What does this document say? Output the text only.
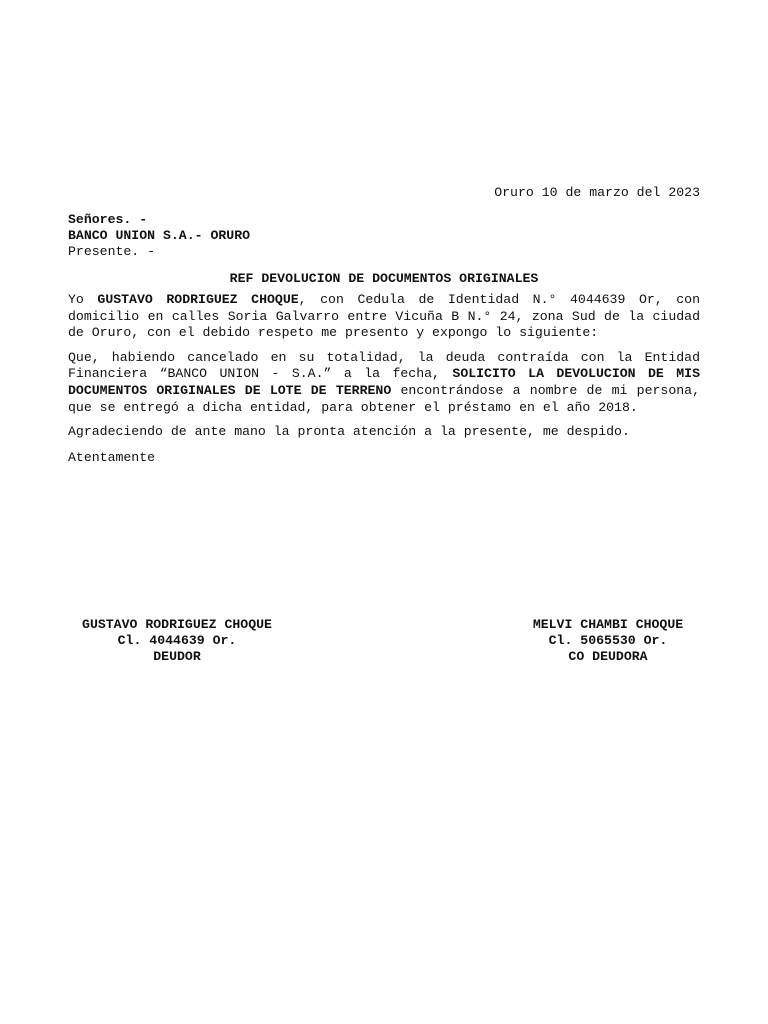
Oruro 10 de marzo del 2023
Señores. -
BANCO UNION S.A.- ORURO
Presente. -
REF DEVOLUCION DE DOCUMENTOS ORIGINALES

Yo GUSTAVO RODRIGUEZ CHOQUE, con Cedula de Identidad N.° 4044639 Or, con domicilio en calles Soria Galvarro entre Vicuña B N.° 24, zona Sud de la ciudad de Oruro, con el debido respeto me presento y expongo lo siguiente:

Que, habiendo cancelado en su totalidad, la deuda contraída con la Entidad Financiera “BANCO UNION - S.A.” a la fecha, SOLICITO LA DEVOLUCION DE MIS DOCUMENTOS ORIGINALES DE LOTE DE TERRENO encontrándose a nombre de mi persona, que se entregó a dicha entidad, para obtener el préstamo en el año 2018.

Agradeciendo de ante mano la pronta atención a la presente, me despido.

Atentamente
GUSTAVO RODRIGUEZ CHOQUE
Cl. 4044639 Or.
DEUDOR
MELVI CHAMBI CHOQUE
Cl. 5065530 Or.
CO DEUDORA
